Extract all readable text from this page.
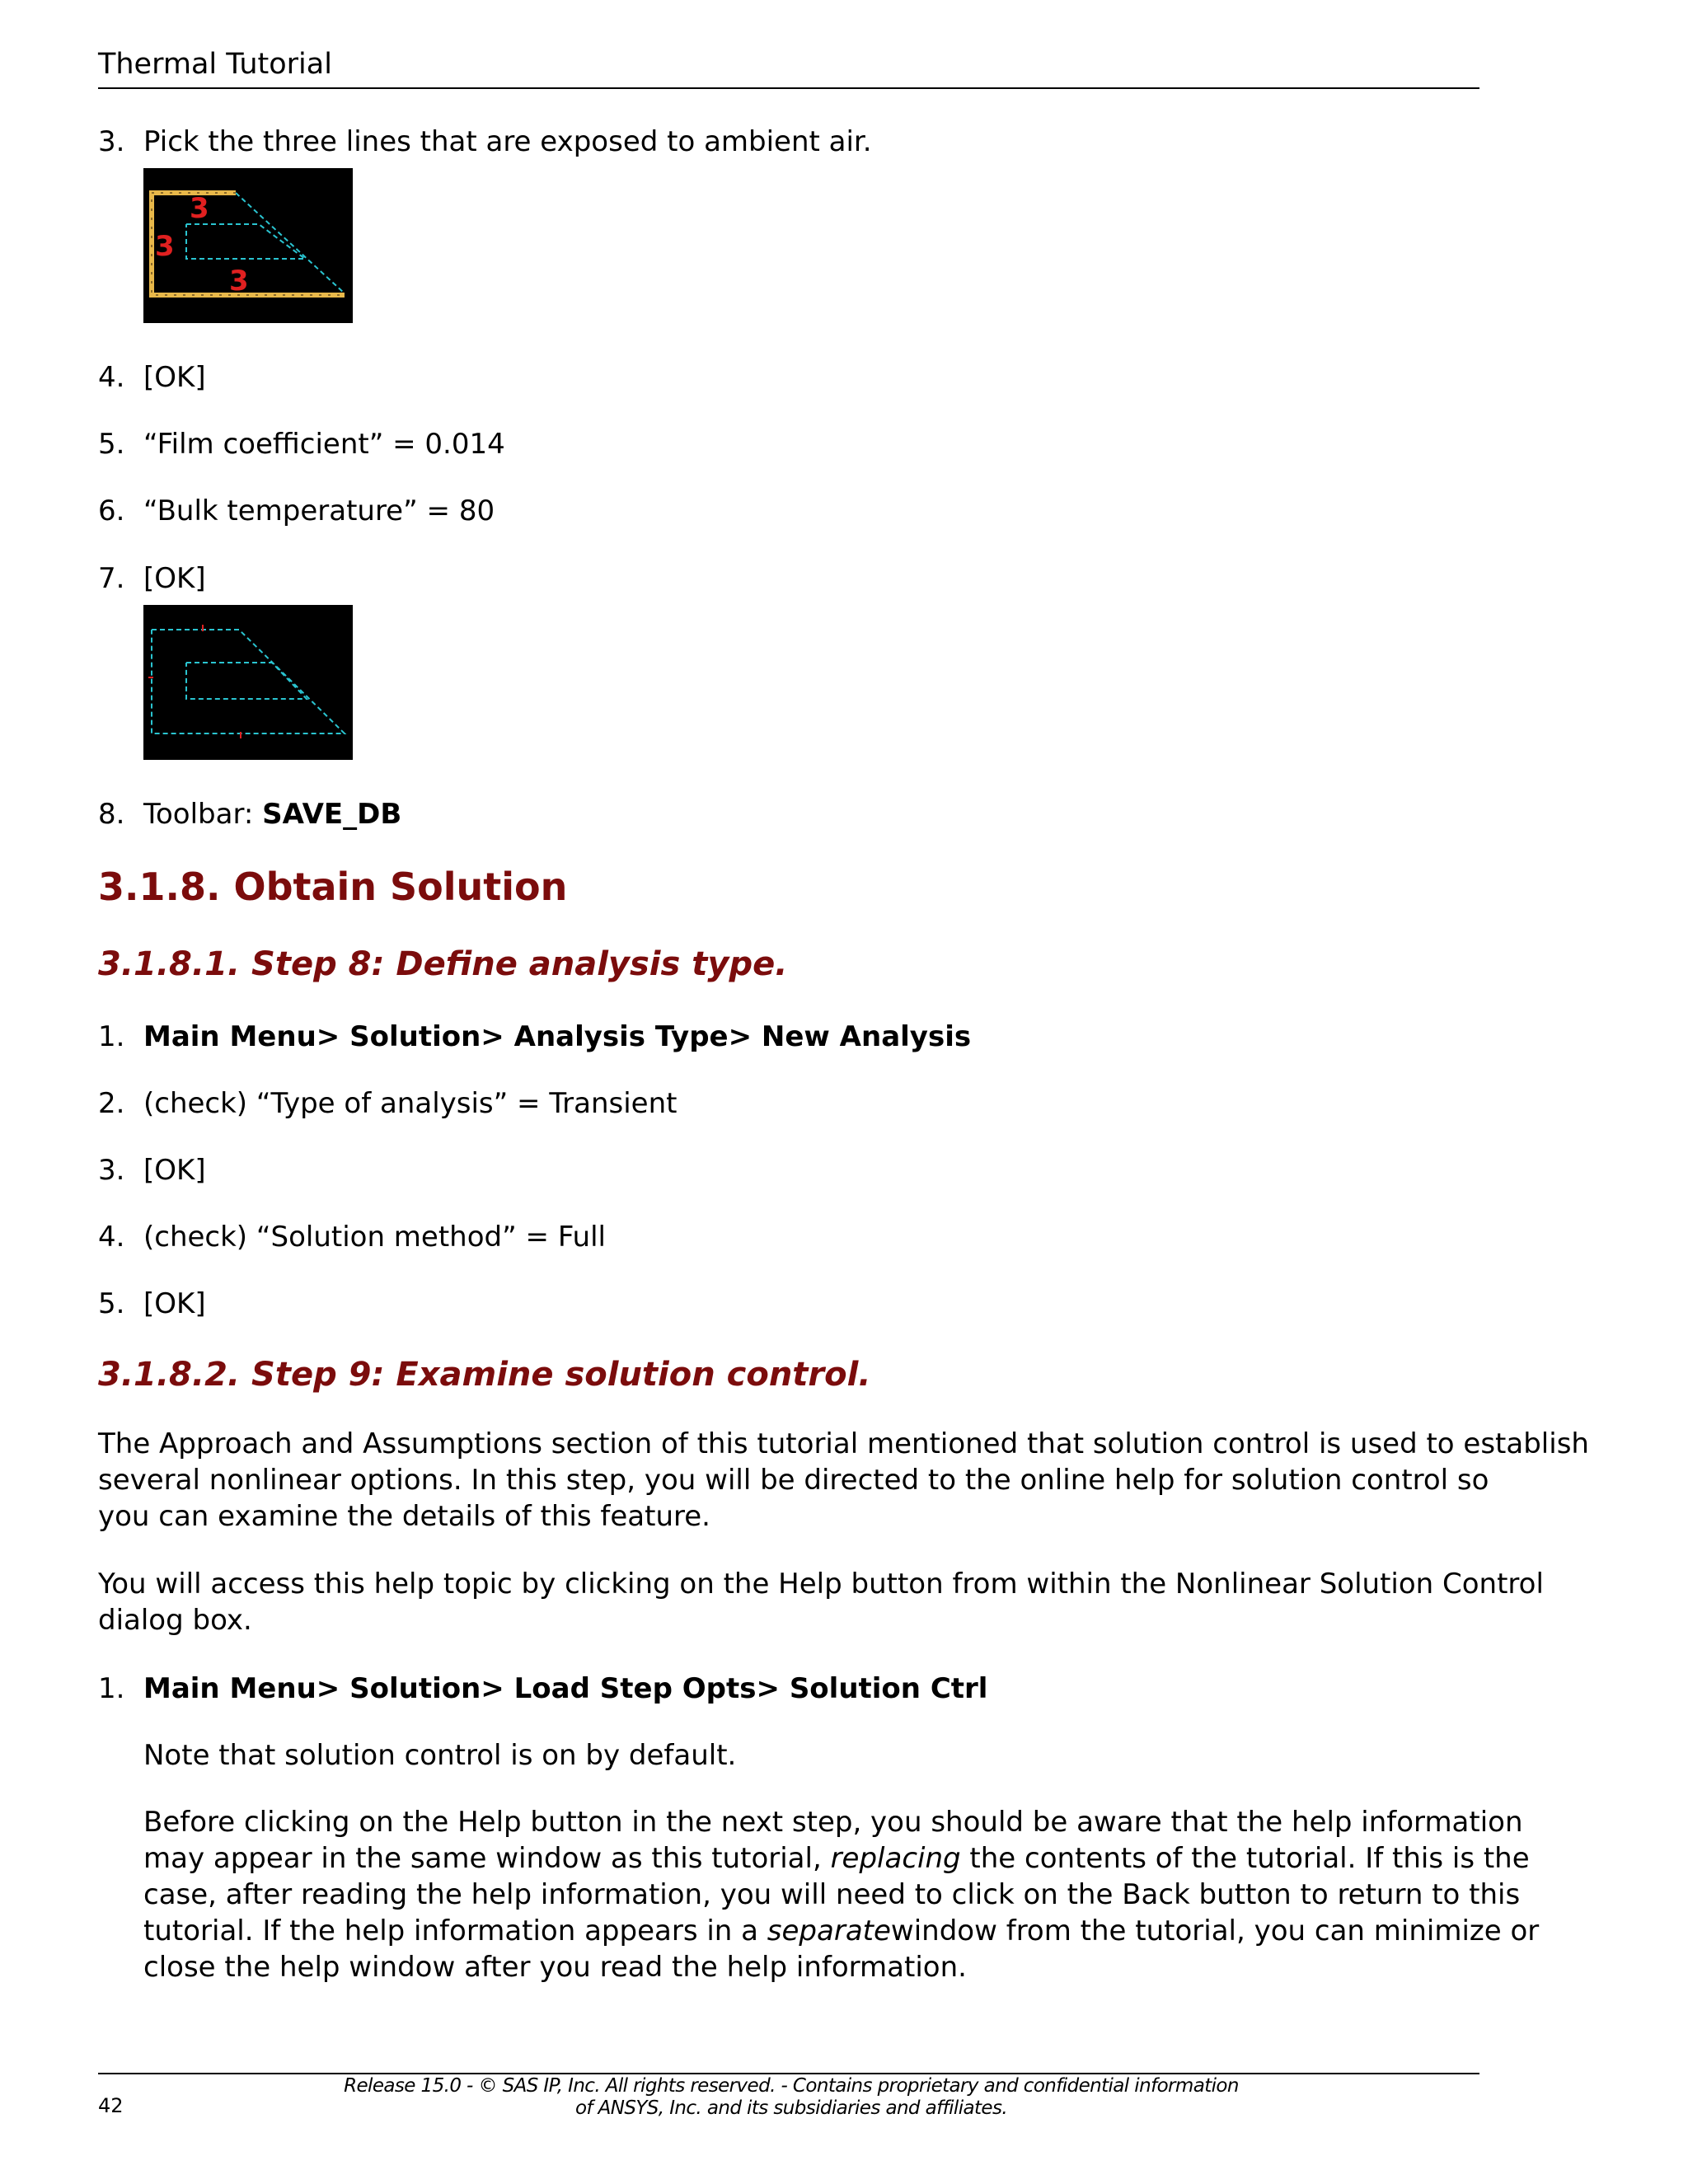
Thermal Tutorial
3. Pick the three lines that are exposed to ambient air.
3
3
3
4. [OK]
5. “Film coefficient” = 0.014
6. “Bulk temperature” = 80
7. [OK]
8. Toolbar: SAVE_DB
3.1.8. Obtain Solution
3.1.8.1. Step 8: Define analysis type.
1. Main Menu> Solution> Analysis Type> New Analysis
2. (check) “Type of analysis” = Transient
3. [OK]
4. (check) “Solution method” = Full
5. [OK]
3.1.8.2. Step 9: Examine solution control.
The Approach and Assumptions section of this tutorial mentioned that solution control is used to establish
several nonlinear options. In this step, you will be directed to the online help for solution control so
you can examine the details of this feature.
You will access this help topic by clicking on the Help button from within the Nonlinear Solution Control
dialog box.
1. Main Menu> Solution> Load Step Opts> Solution Ctrl
Note that solution control is on by default.
Before clicking on the Help button in the next step, you should be aware that the help information
may appear in the same window as this tutorial, replacing the contents of the tutorial. If this is the
case, after reading the help information, you will need to click on the Back button to return to this
tutorial. If the help information appears in a separatewindow from the tutorial, you can minimize or
close the help window after you read the help information.
42
Release 15.0 - © SAS IP, Inc. All rights reserved. - Contains proprietary and confidential information
of ANSYS, Inc. and its subsidiaries and affiliates.
